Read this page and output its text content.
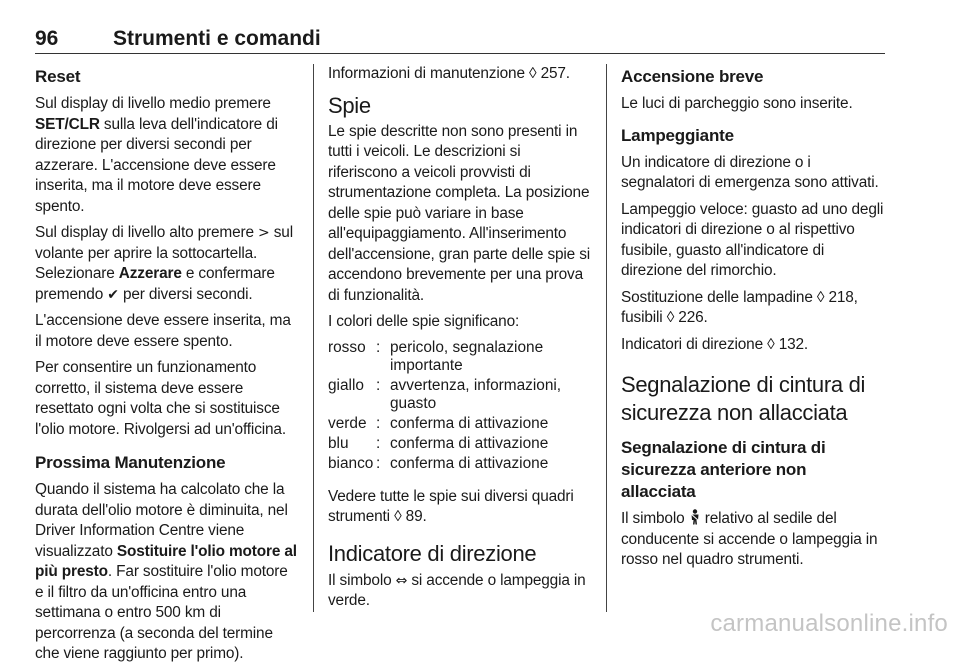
96	Strumenti e comandi
Reset

Sul display di livello medio premere SET/CLR sulla leva dell'indicatore di direzione per diversi secondi per azzerare. L'accensione deve essere inserita, ma il motore deve essere spento.

Sul display di livello alto premere > sul volante per aprire la sottocartella. Selezionare Azzerare e confermare premendo ✔ per diversi secondi.

L'accensione deve essere inserita, ma il motore deve essere spento.

Per consentire un funzionamento corretto, il sistema deve essere resettato ogni volta che si sostituisce l'olio motore. Rivolgersi ad un'officina.

Prossima Manutenzione

Quando il sistema ha calcolato che la durata dell'olio motore è diminuita, nel Driver Information Centre viene visualizzato Sostituire l'olio motore al più presto. Far sostituire l'olio motore e il filtro da un'officina entro una settimana o entro 500 km di percorrenza (a seconda del termine che viene raggiunto per primo).

Informazioni di manutenzione ◊ 257.

Spie

Le spie descritte non sono presenti in tutti i veicoli. Le descrizioni si riferiscono a veicoli provvisti di strumentazione completa. La posizione delle spie può variare in base all'equipaggiamento. All'inserimento dell'accensione, gran parte delle spie si accendono brevemente per una prova di funzionalità.

I colori delle spie significano:

rosso	:	pericolo, segnalazione importante
giallo	:	avvertenza, informazioni, guasto
verde	:	conferma di attivazione
blu	:	conferma di attivazione
bianco	:	conferma di attivazione

Vedere tutte le spie sui diversi quadri strumenti ◊ 89.

Indicatore di direzione

Il simbolo ⇔ si accende o lampeggia in verde.

Accensione breve

Le luci di parcheggio sono inserite.

Lampeggiante

Un indicatore di direzione o i segnalatori di emergenza sono attivati.

Lampeggio veloce: guasto ad uno degli indicatori di direzione o al rispettivo fusibile, guasto all'indicatore di direzione del rimorchio.

Sostituzione delle lampadine ◊ 218,
fusibili ◊ 226.

Indicatori di direzione ◊ 132.

Segnalazione di cintura di sicurezza non allacciata
Segnalazione di cintura di sicurezza anteriore non allacciata

Il simbolo  relativo al sedile del conducente si accende o lampeggia in rosso nel quadro strumenti.

carmanualsonline.info
